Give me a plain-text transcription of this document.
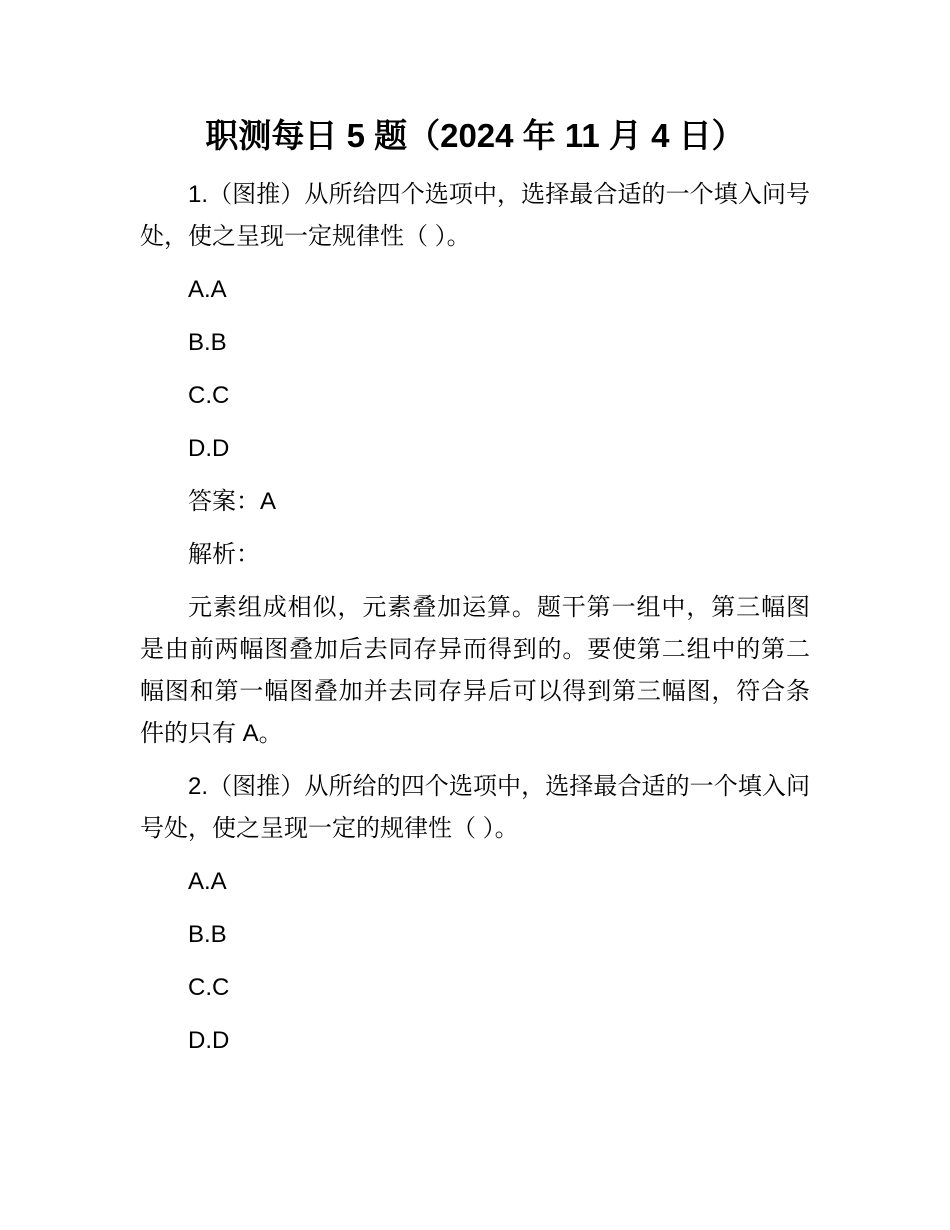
职测每日 5 题（2024 年 11 月 4 日）

1.（图推）从所给四个选项中，选择最合适的一个填入问号处，使之呈现一定规律性（ ）。

A.A

B.B

C.C

D.D

答案：A

解析：

元素组成相似，元素叠加运算。题干第一组中，第三幅图是由前两幅图叠加后去同存异而得到的。要使第二组中的第二幅图和第一幅图叠加并去同存异后可以得到第三幅图，符合条件的只有 A。

2.（图推）从所给的四个选项中，选择最合适的一个填入问号处，使之呈现一定的规律性（ ）。

A.A

B.B

C.C

D.D
